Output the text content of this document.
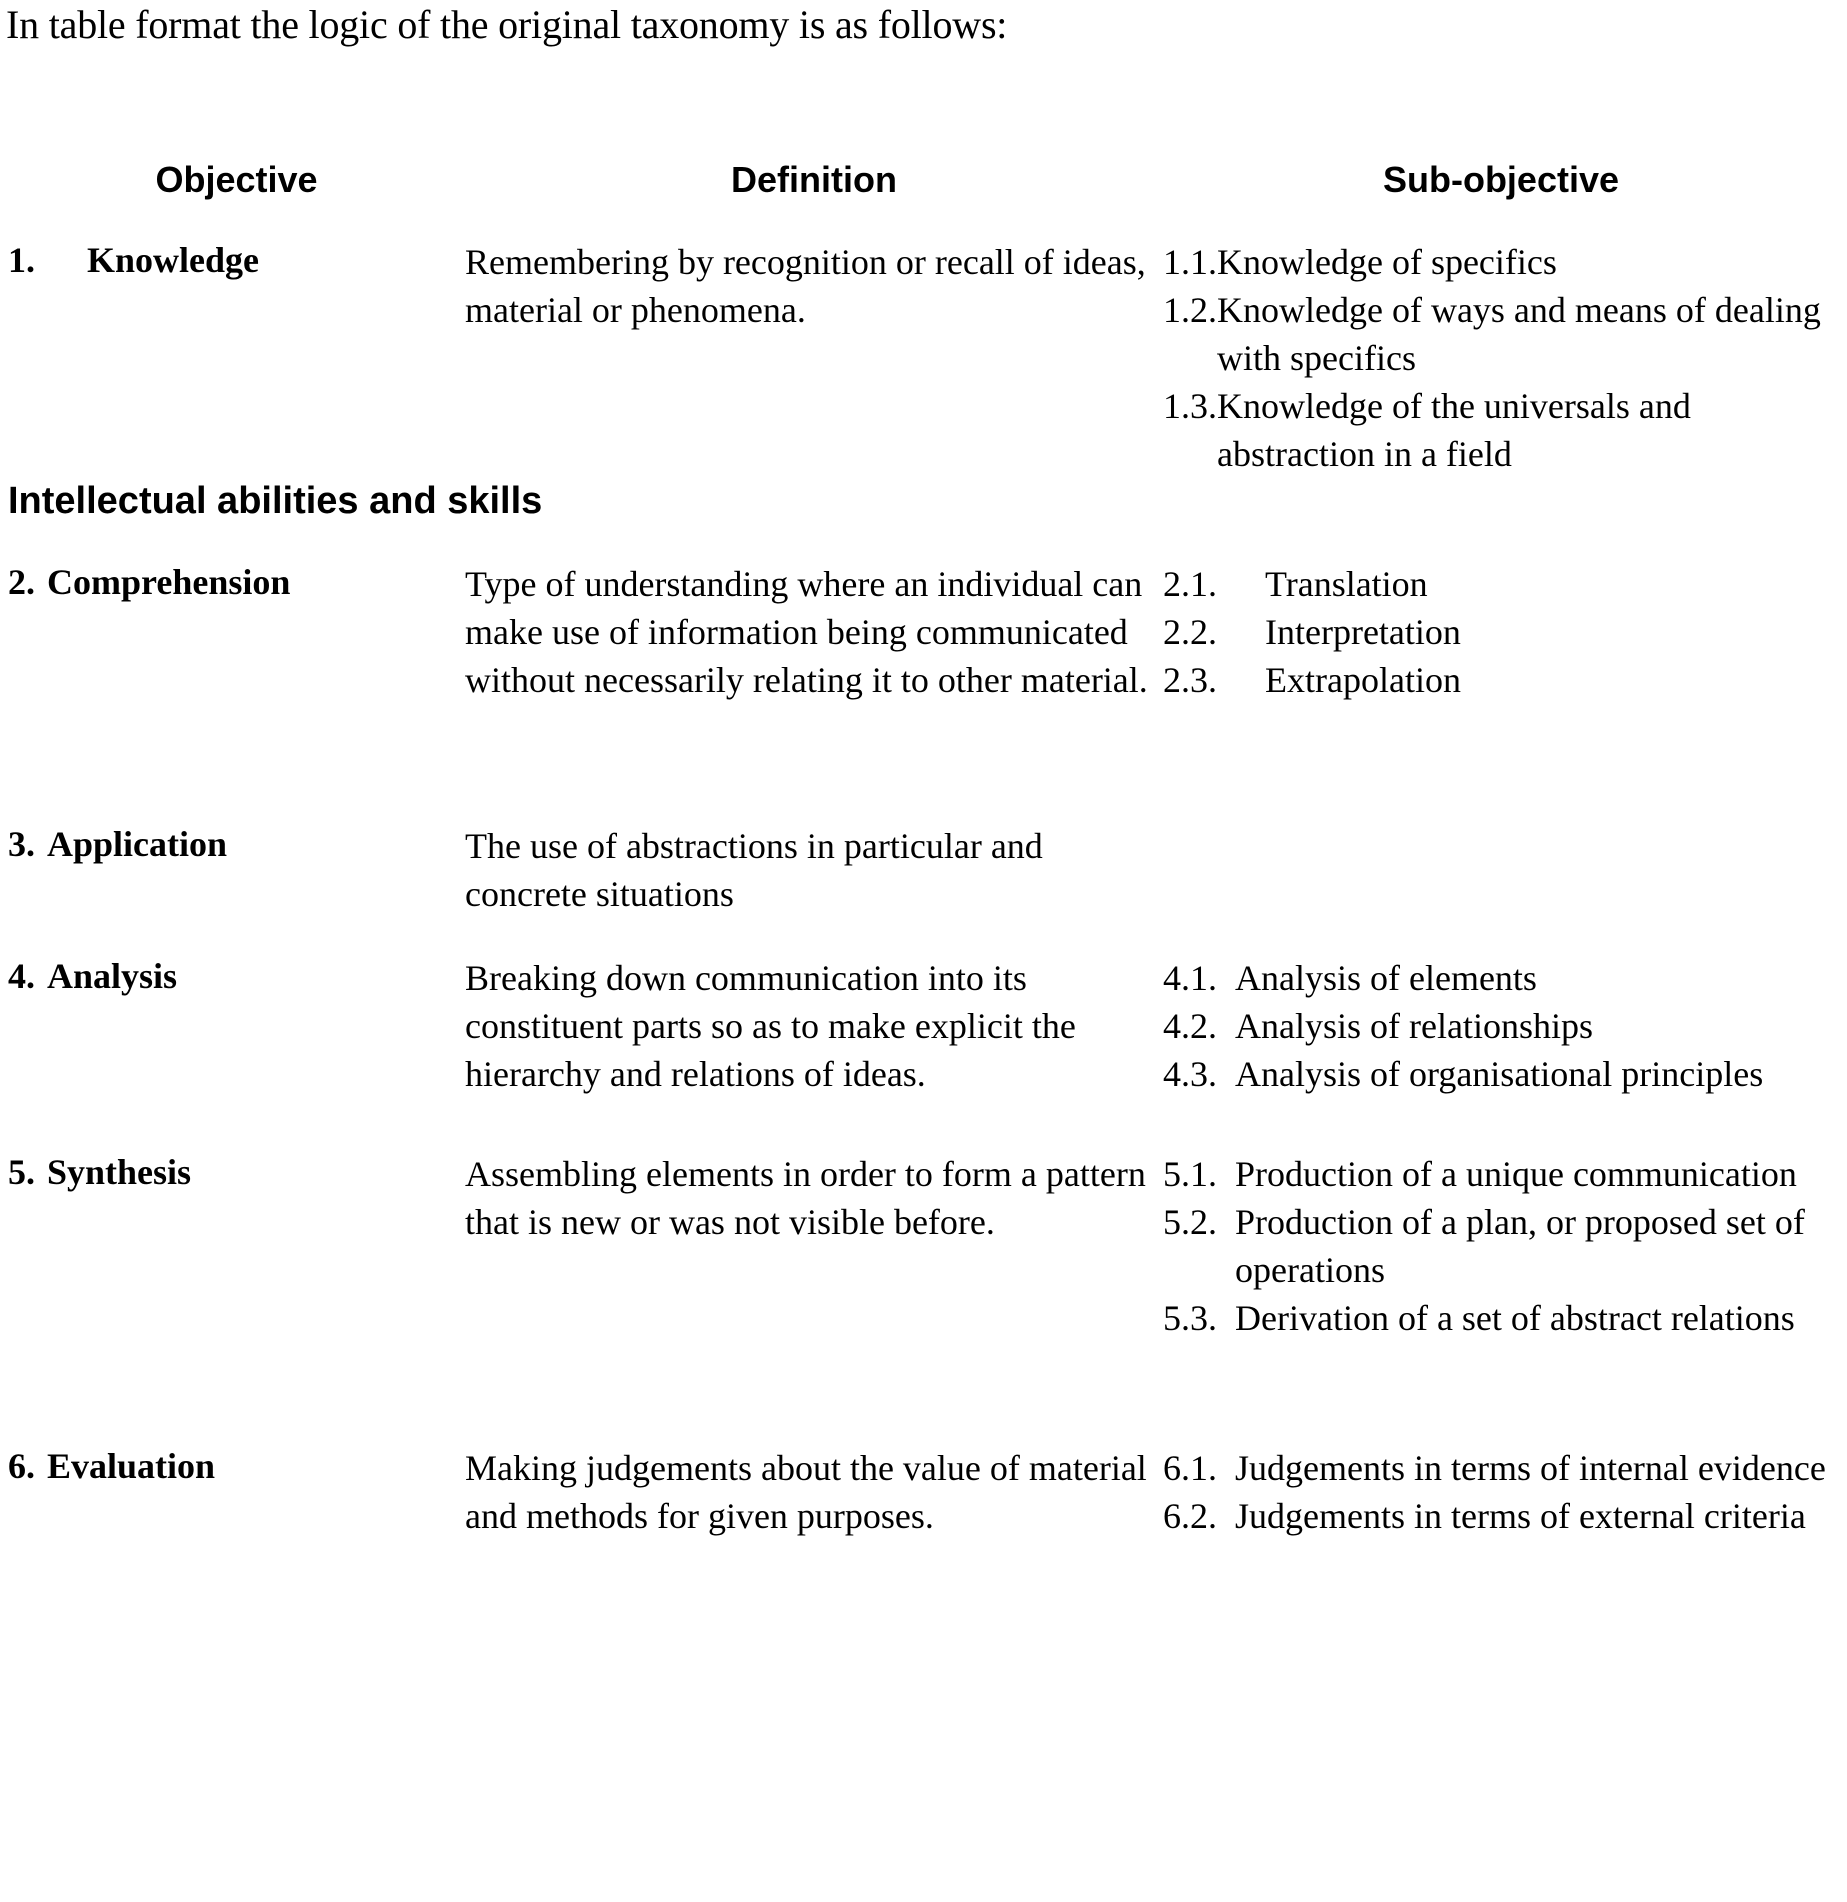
In table format the logic of the original taxonomy is as follows:
Objective	Definition	Sub-objective
1. Knowledge	Remembering by recognition or recall of ideas, material or phenomena.	
1.1. Knowledge of specifics
1.2. Knowledge of ways and means of dealing with specifics
1.3. Knowledge of the universals and abstraction in a field

Intellectual abilities and skills		
2. Comprehension	Type of understanding where an individual can make use of information being communicated without necessarily relating it to other material.	
2.1. Translation
2.2. Interpretation
2.3. Extrapolation

3. Application	The use of abstractions in particular and concrete situations	
4. Analysis	Breaking down communication into its constituent parts so as to make explicit the hierarchy and relations of ideas.	
4.1. Analysis of elements
4.2. Analysis of relationships
4.3. Analysis of organisational principles

5. Synthesis	Assembling elements in order to form a pattern that is new or was not visible before.	
5.1. Production of a unique communication
5.2. Production of a plan, or proposed set of operations
5.3. Derivation of a set of abstract relations

6. Evaluation	Making judgements about the value of material and methods for given purposes.	
6.1. Judgements in terms of internal evidence
6.2. Judgements in terms of external criteria
